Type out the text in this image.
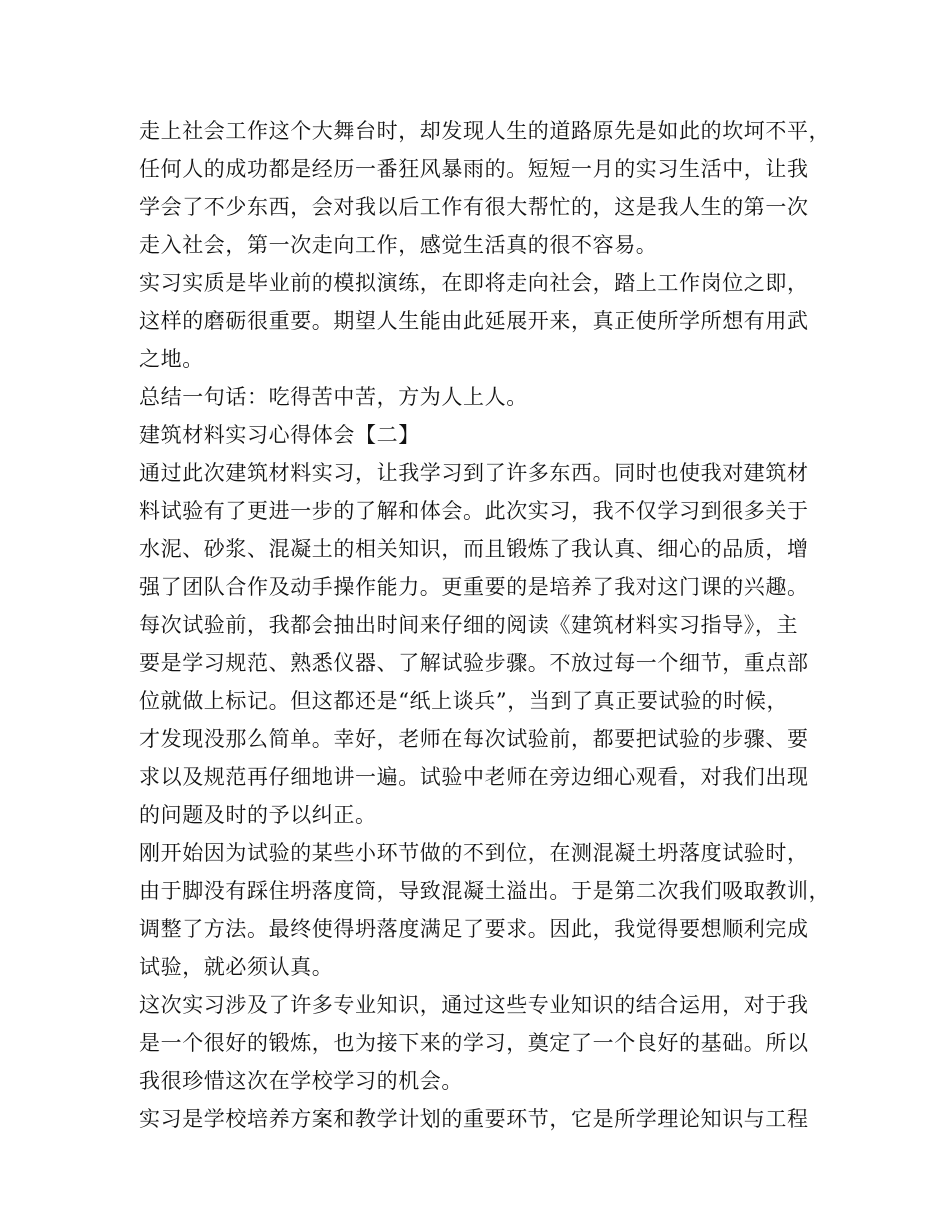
走上社会工作这个大舞台时，却发现人生的道路原先是如此的坎坷不平，
任何人的成功都是经历一番狂风暴雨的。短短一月的实习生活中，让我
学会了不少东西，会对我以后工作有很大帮忙的，这是我人生的第一次
走入社会，第一次走向工作，感觉生活真的很不容易。
实习实质是毕业前的模拟演练，在即将走向社会，踏上工作岗位之即，
这样的磨砺很重要。期望人生能由此延展开来，真正使所学所想有用武
之地。
总结一句话：吃得苦中苦，方为人上人。
建筑材料实习心得体会【二】
通过此次建筑材料实习，让我学习到了许多东西。同时也使我对建筑材
料试验有了更进一步的了解和体会。此次实习，我不仅学习到很多关于
水泥、砂浆、混凝土的相关知识，而且锻炼了我认真、细心的品质，增
强了团队合作及动手操作能力。更重要的是培养了我对这门课的兴趣。
每次试验前，我都会抽出时间来仔细的阅读《建筑材料实习指导》，主
要是学习规范、熟悉仪器、了解试验步骤。不放过每一个细节，重点部
位就做上标记。但这都还是“纸上谈兵”，当到了真正要试验的时候，
才发现没那么简单。幸好，老师在每次试验前，都要把试验的步骤、要
求以及规范再仔细地讲一遍。试验中老师在旁边细心观看，对我们出现
的问题及时的予以纠正。
刚开始因为试验的某些小环节做的不到位，在测混凝土坍落度试验时，
由于脚没有踩住坍落度筒，导致混凝土溢出。于是第二次我们吸取教训，
调整了方法。最终使得坍落度满足了要求。因此，我觉得要想顺利完成
试验，就必须认真。
这次实习涉及了许多专业知识，通过这些专业知识的结合运用，对于我
是一个很好的锻炼，也为接下来的学习，奠定了一个良好的基础。所以
我很珍惜这次在学校学习的机会。
实习是学校培养方案和教学计划的重要环节，它是所学理论知识与工程
